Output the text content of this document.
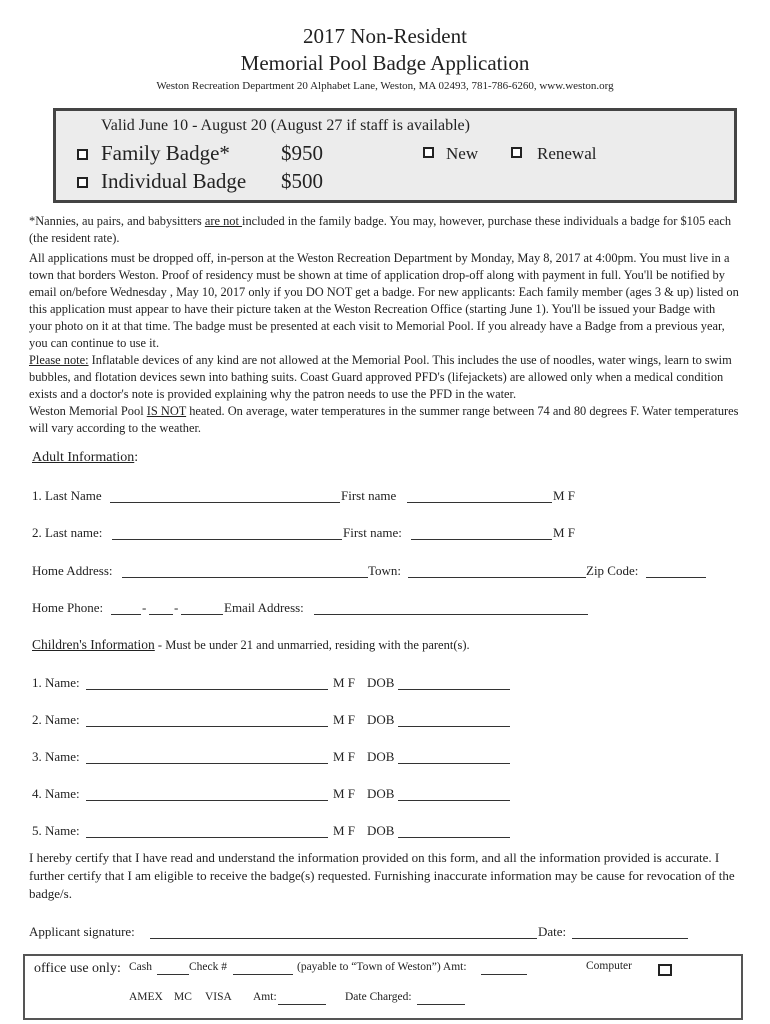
2017 Non-Resident
Memorial Pool Badge Application
Weston Recreation Department 20 Alphabet Lane, Weston, MA 02493, 781-786-6260, www.weston.org
Valid June 10 - August 20 (August 27 if staff is available)
Family Badge* $950	New	Renewal
Individual Badge $500
*Nannies, au pairs, and babysitters are not included in the family badge. You may, however, purchase these individuals a badge for $105 each (the resident rate).
All applications must be dropped off, in-person at the Weston Recreation Department by Monday, May 8, 2017 at 4:00pm. You must live in a town that borders Weston. Proof of residency must be shown at time of application drop-off along with payment in full. You'll be notified by email on/before Wednesday , May 10, 2017 only if you DO NOT get a badge. For new applicants: Each family member (ages 3 & up) listed on this application must appear to have their picture taken at the Weston Recreation Office (starting June 1). You'll be issued your Badge with your photo on it at that time. The badge must be presented at each visit to Memorial Pool. If you already have a Badge from a previous year, you can continue to use it.
Please note: Inflatable devices of any kind are not allowed at the Memorial Pool. This includes the use of noodles, water wings, learn to swim bubbles, and flotation devices sewn into bathing suits. Coast Guard approved PFD's (lifejackets) are allowed only when a medical condition exists and a doctor's note is provided explaining why the patron needs to use the PFD in the water.
Weston Memorial Pool IS NOT heated. On average, water temperatures in the summer range between 74 and 80 degrees F. Water temperatures will vary according to the weather.
Adult Information:
1. Last Name	First name	M F
2. Last name:	First name:	M F
Home Address:	Town:	Zip Code:
Home Phone:	- -	Email Address:
Children's Information - Must be under 21 and unmarried, residing with the parent(s).
1. Name:	M F DOB
2. Name:	M F DOB
3. Name:	M F DOB
4. Name:	M F DOB
5. Name:	M F DOB
I hereby certify that I have read and understand the information provided on this form, and all the information provided is accurate. I further certify that I am eligible to receive the badge(s) requested. Furnishing inaccurate information may be cause for revocation of the badge/s.
Applicant signature:	Date:
office use only: Cash	Check #	(payable to “Town of Weston”) Amt:	Computer
AMEX MC VISA Amt:	Date Charged:
